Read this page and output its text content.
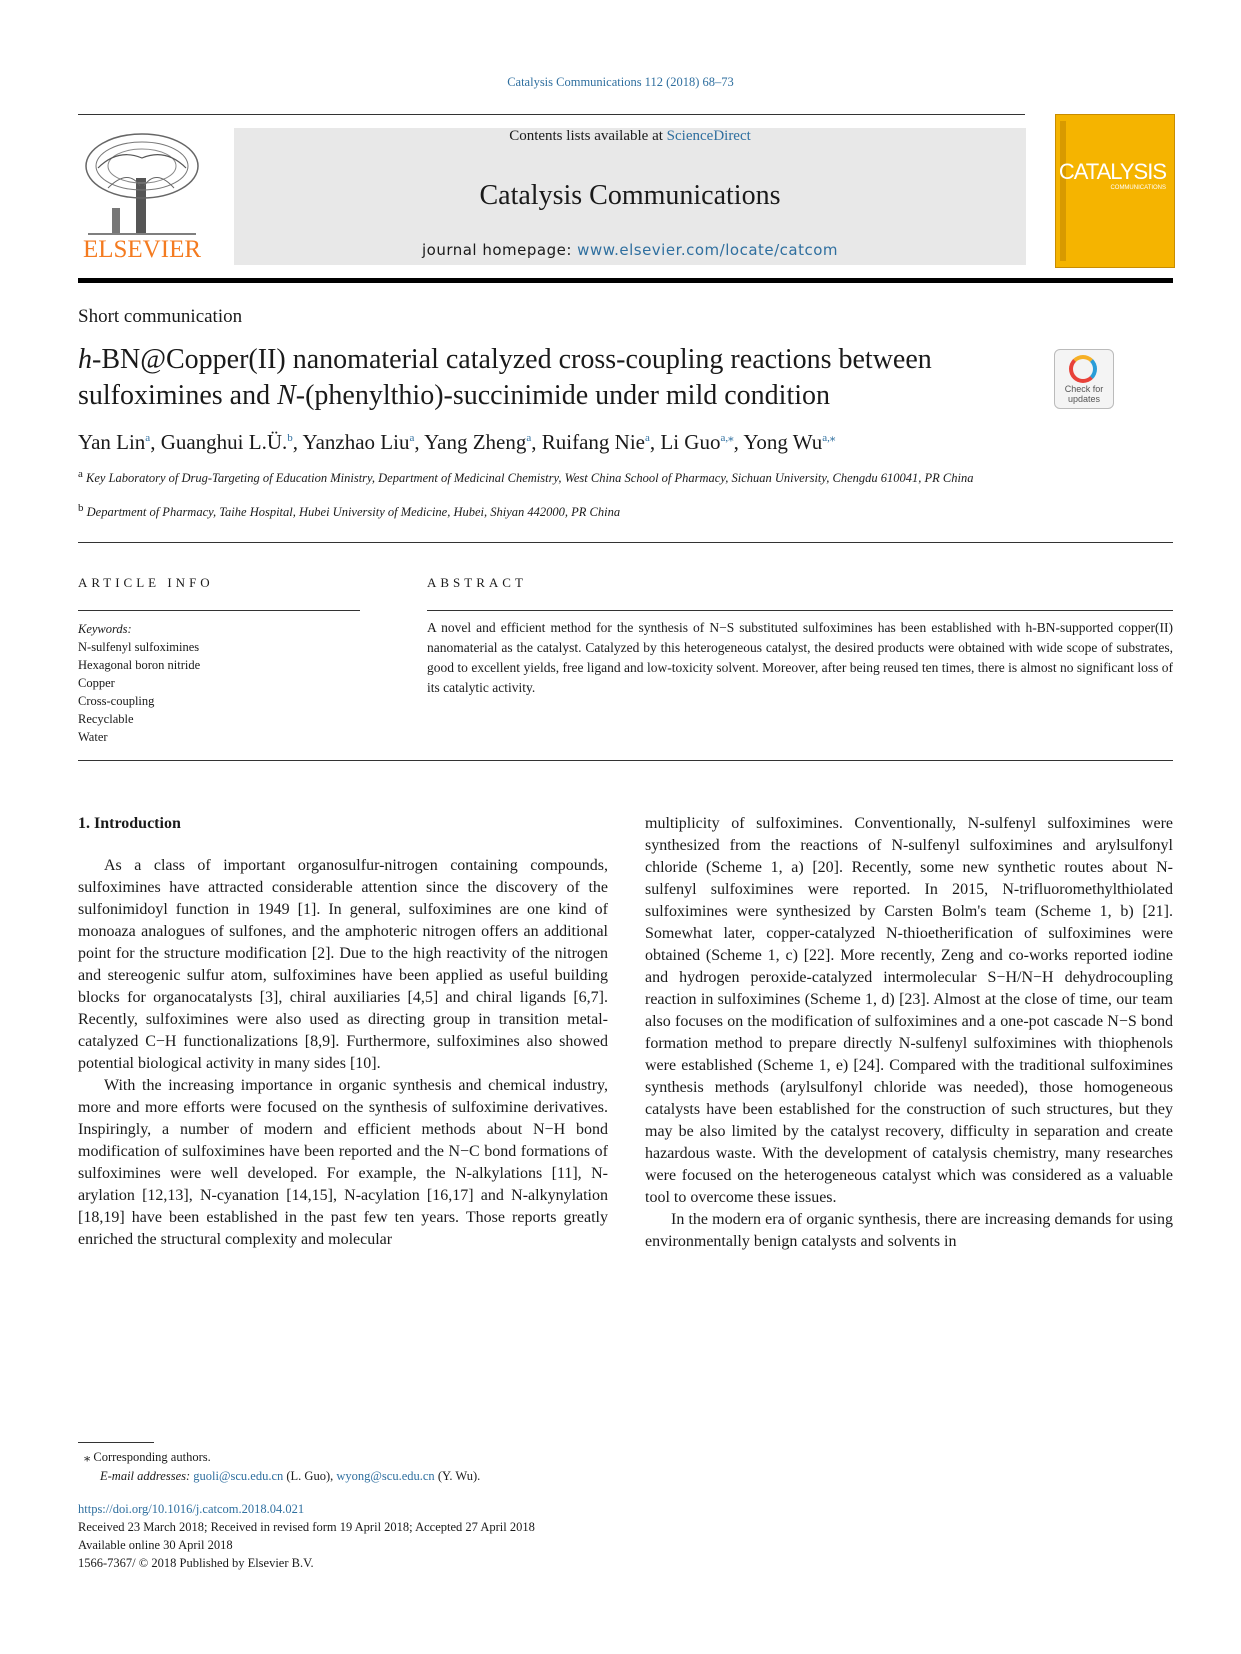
Catalysis Communications 112 (2018) 68–73
ELSEVIER
Contents lists available at ScienceDirect
Catalysis Communications
journal homepage: www.elsevier.com/locate/catcom
CATALYSIS
COMMUNICATIONS
Short communication
h-BN@Copper(II) nanomaterial catalyzed cross-coupling reactions between sulfoximines and N-(phenylthio)-succinimide under mild condition	Check for updates
Yan Lin$^a$, Guanghui L.Ü.$^b$, Yanzhao Liu$^a$, Yang Zheng$^a$, Ruifang Nie$^a$, Li Guo$^{a,⁎}$, Yong $Wu^{a,⁎}$
$^a$ Key Laboratory of Drug-Targeting of Education Ministry, Department of Medicinal Chemistry, West China School of Pharmacy, Sichuan University, Chengdu 610041, PR China
$^b$ Department of Pharmacy, Taihe Hospital, Hubei University of Medicine, Hubei, Shiyan 442000, PR China
ARTICLE INFO	ABSTRACT
Keywords:
N-sulfenyl sulfoximines
Hexagonal boron nitride
Copper
Cross-coupling
Recyclable
Water
A novel and efficient method for the synthesis of N−S substituted sulfoximines has been established with h-BN-supported copper(II) nanomaterial as the catalyst. Catalyzed by this heterogeneous catalyst, the desired products were obtained with wide scope of substrates, good to excellent yields, free ligand and low-toxicity solvent. Moreover, after being reused ten times, there is almost no significant loss of its catalytic activity.
1. Introduction

As a class of important organosulfur-nitrogen containing compounds, sulfoximines have attracted considerable attention since the discovery of the sulfonimidoyl function in 1949 [1]. In general, sulfoximines are one kind of monoaza analogues of sulfones, and the amphoteric nitrogen offers an additional point for the structure modification [2]. Due to the high reactivity of the nitrogen and stereogenic sulfur atom, sulfoximines have been applied as useful building blocks for organocatalysts [3], chiral auxiliaries [4,5] and chiral ligands [6,7]. Recently, sulfoximines were also used as directing group in transition metal-catalyzed C−H functionalizations [8,9]. Furthermore, sulfoximines also showed potential biological activity in many sides [10].

With the increasing importance in organic synthesis and chemical industry, more and more efforts were focused on the synthesis of sulfoximine derivatives. Inspiringly, a number of modern and efficient methods about N−H bond modification of sulfoximines have been reported and the N−C bond formations of sulfoximines were well developed. For example, the N-alkylations [11], N-arylation [12,13], N-cyanation [14,15], N-acylation [16,17] and N-alkynylation [18,19] have been established in the past few ten years. Those reports greatly enriched the structural complexity and molecular

multiplicity of sulfoximines. Conventionally, N-sulfenyl sulfoximines were synthesized from the reactions of N-sulfenyl sulfoximines and arylsulfonyl chloride (Scheme 1, a) [20]. Recently, some new synthetic routes about N-sulfenyl sulfoximines were reported. In 2015, N-trifluoromethylthiolated sulfoximines were synthesized by Carsten Bolm's team (Scheme 1, b) [21]. Somewhat later, copper-catalyzed N-thioetherification of sulfoximines were obtained (Scheme 1, c) [22]. More recently, Zeng and co-works reported iodine and hydrogen peroxide-catalyzed intermolecular S−H/N−H dehydrocoupling reaction in sulfoximines (Scheme 1, d) [23]. Almost at the close of time, our team also focuses on the modification of sulfoximines and a one-pot cascade N−S bond formation method to prepare directly N-sulfenyl sulfoximines with thiophenols were established (Scheme 1, e) [24]. Compared with the traditional sulfoximines synthesis methods (arylsulfonyl chloride was needed), those homogeneous catalysts have been established for the construction of such structures, but they may be also limited by the catalyst recovery, difficulty in separation and create hazardous waste. With the development of catalysis chemistry, many researches were focused on the heterogeneous catalyst which was considered as a valuable tool to overcome these issues.

In the modern era of organic synthesis, there are increasing demands for using environmentally benign catalysts and solvents in

⁎ Corresponding authors.
E-mail addresses: guoli@scu.edu.cn (L. Guo), wyong@scu.edu.cn (Y. Wu).
https://doi.org/10.1016/j.catcom.2018.04.021
Received 23 March 2018; Received in revised form 19 April 2018; Accepted 27 April 2018
Available online 30 April 2018
1566-7367/ © 2018 Published by Elsevier B.V.
